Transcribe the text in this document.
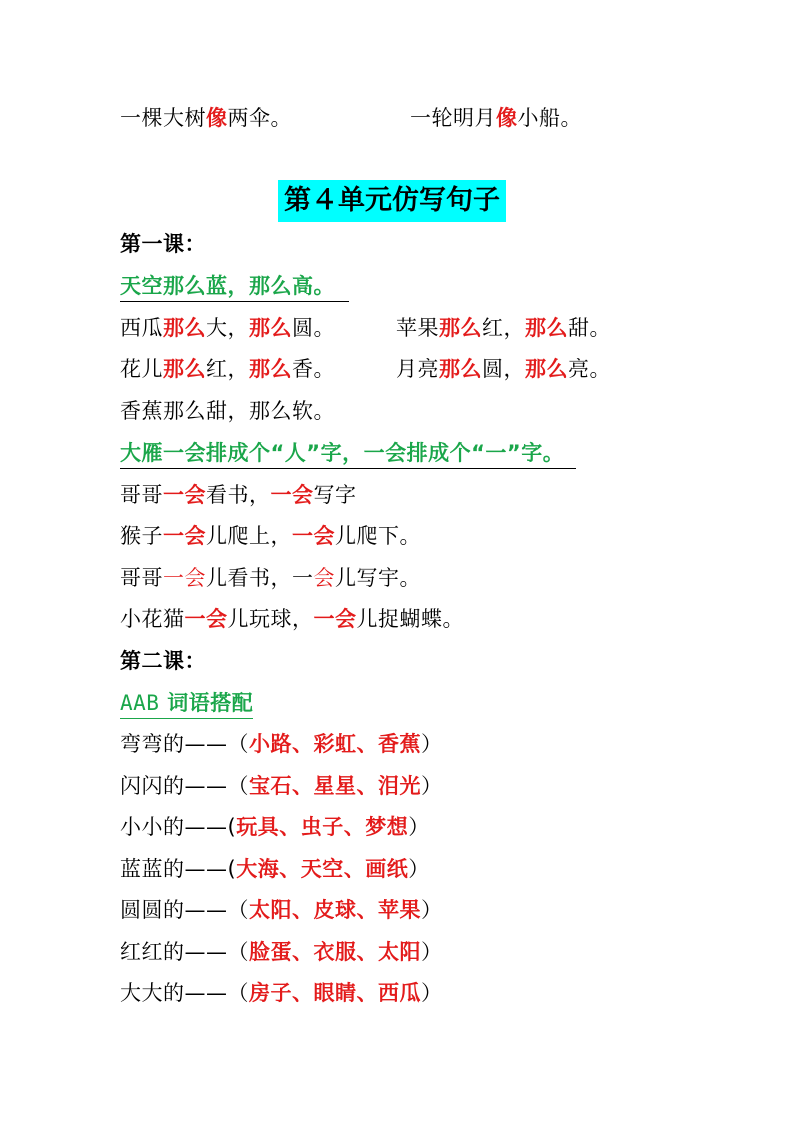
一棵大树像两伞。	一轮明月像小船。
第４单元仿写句子
第一课：
天空那么蓝，那么高。
西瓜那么大，那么圆。	苹果那么红，那么甜。
花儿那么红，那么香。	月亮那么圆，那么亮。
香蕉那么甜，那么软。
大雁一会排成个“人”字，一会排成个“一”字。
哥哥一会看书，一会写字
猴子一会儿爬上，一会儿爬下。
哥哥一会儿看书，一会儿写宇。
小花猫一会儿玩球，一会儿捉蝴蝶。
第二课：
AAB 词语搭配
弯弯的——（小路、彩虹、香蕉）
闪闪的——（宝石、星星、泪光）
小小的——(玩具、虫子、梦想）
蓝蓝的——(大海、天空、画纸）
圆圆的——（太阳、皮球、苹果）
红红的——（脸蛋、衣服、太阳）
大大的——（房子、眼睛、西瓜）
